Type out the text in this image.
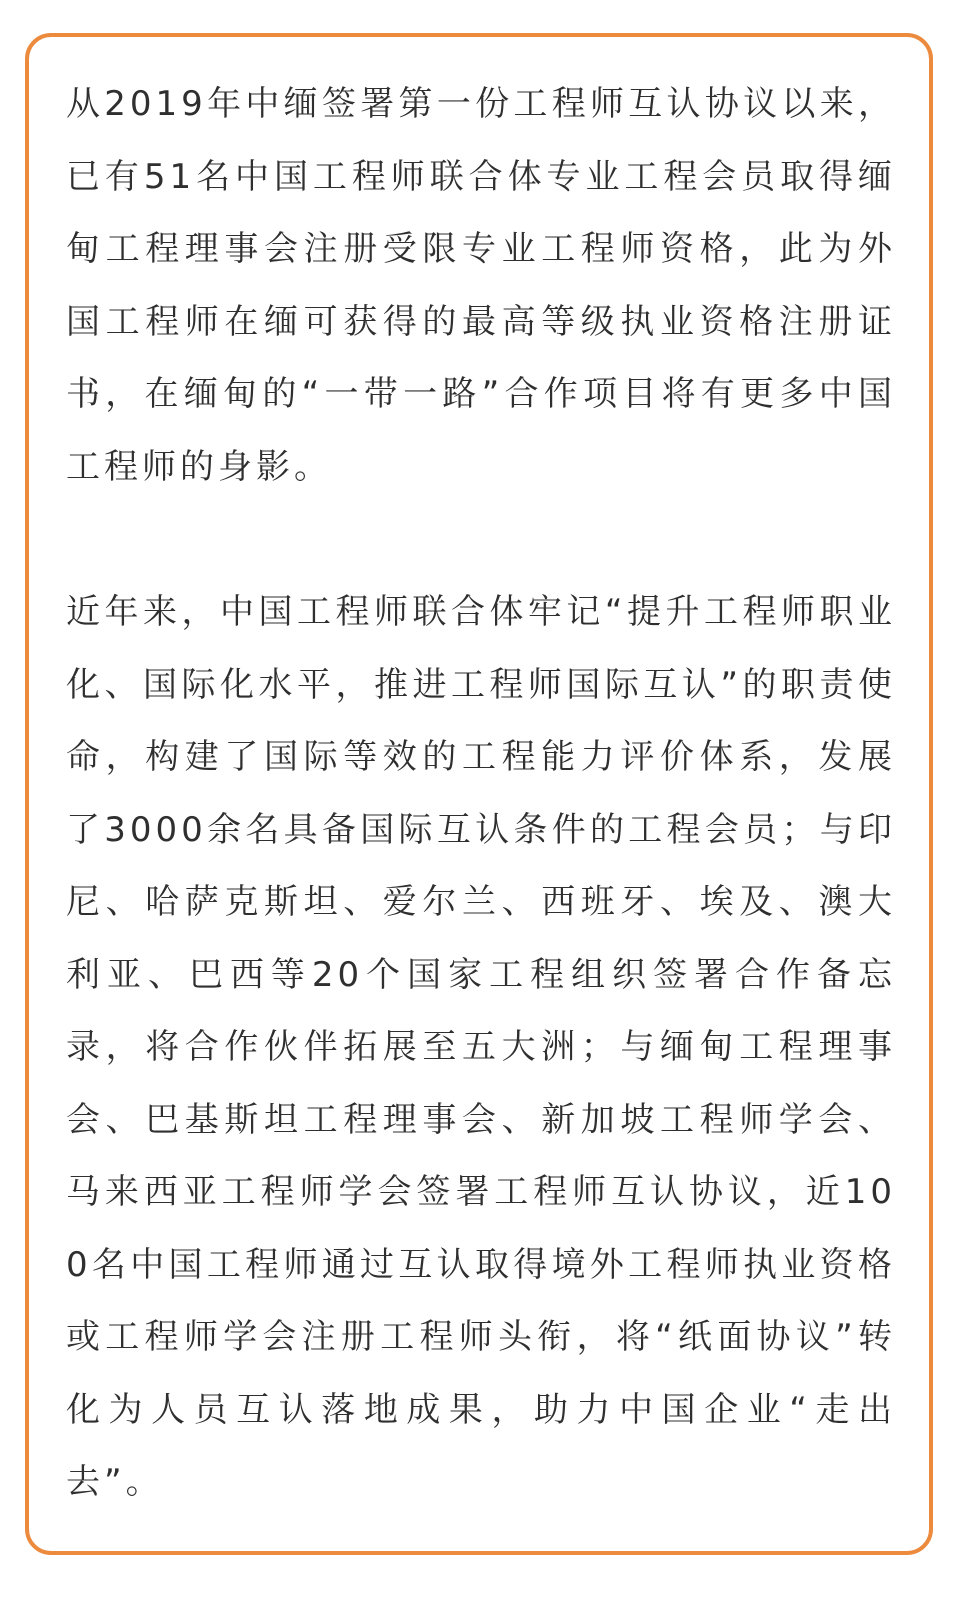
从2019年中缅签署第一份工程师互认协议以来，已有51名中国工程师联合体专业工程会员取得缅甸工程理事会注册受限专业工程师资格，此为外国工程师在缅可获得的最高等级执业资格注册证书，在缅甸的“一带一路”合作项目将有更多中国工程师的身影。

近年来，中国工程师联合体牢记“提升工程师职业化、国际化水平，推进工程师国际互认”的职责使命，构建了国际等效的工程能力评价体系，发展了3000余名具备国际互认条件的工程会员；与印尼、哈萨克斯坦、爱尔兰、西班牙、埃及、澳大利亚、巴西等20个国家工程组织签署合作备忘录，将合作伙伴拓展至五大洲；与缅甸工程理事会、巴基斯坦工程理事会、新加坡工程师学会、马来西亚工程师学会签署工程师互认协议，近100名中国工程师通过互认取得境外工程师执业资格或工程师学会注册工程师头衔，将“纸面协议”转化为人员互认落地成果，助力中国企业“走出去”。
